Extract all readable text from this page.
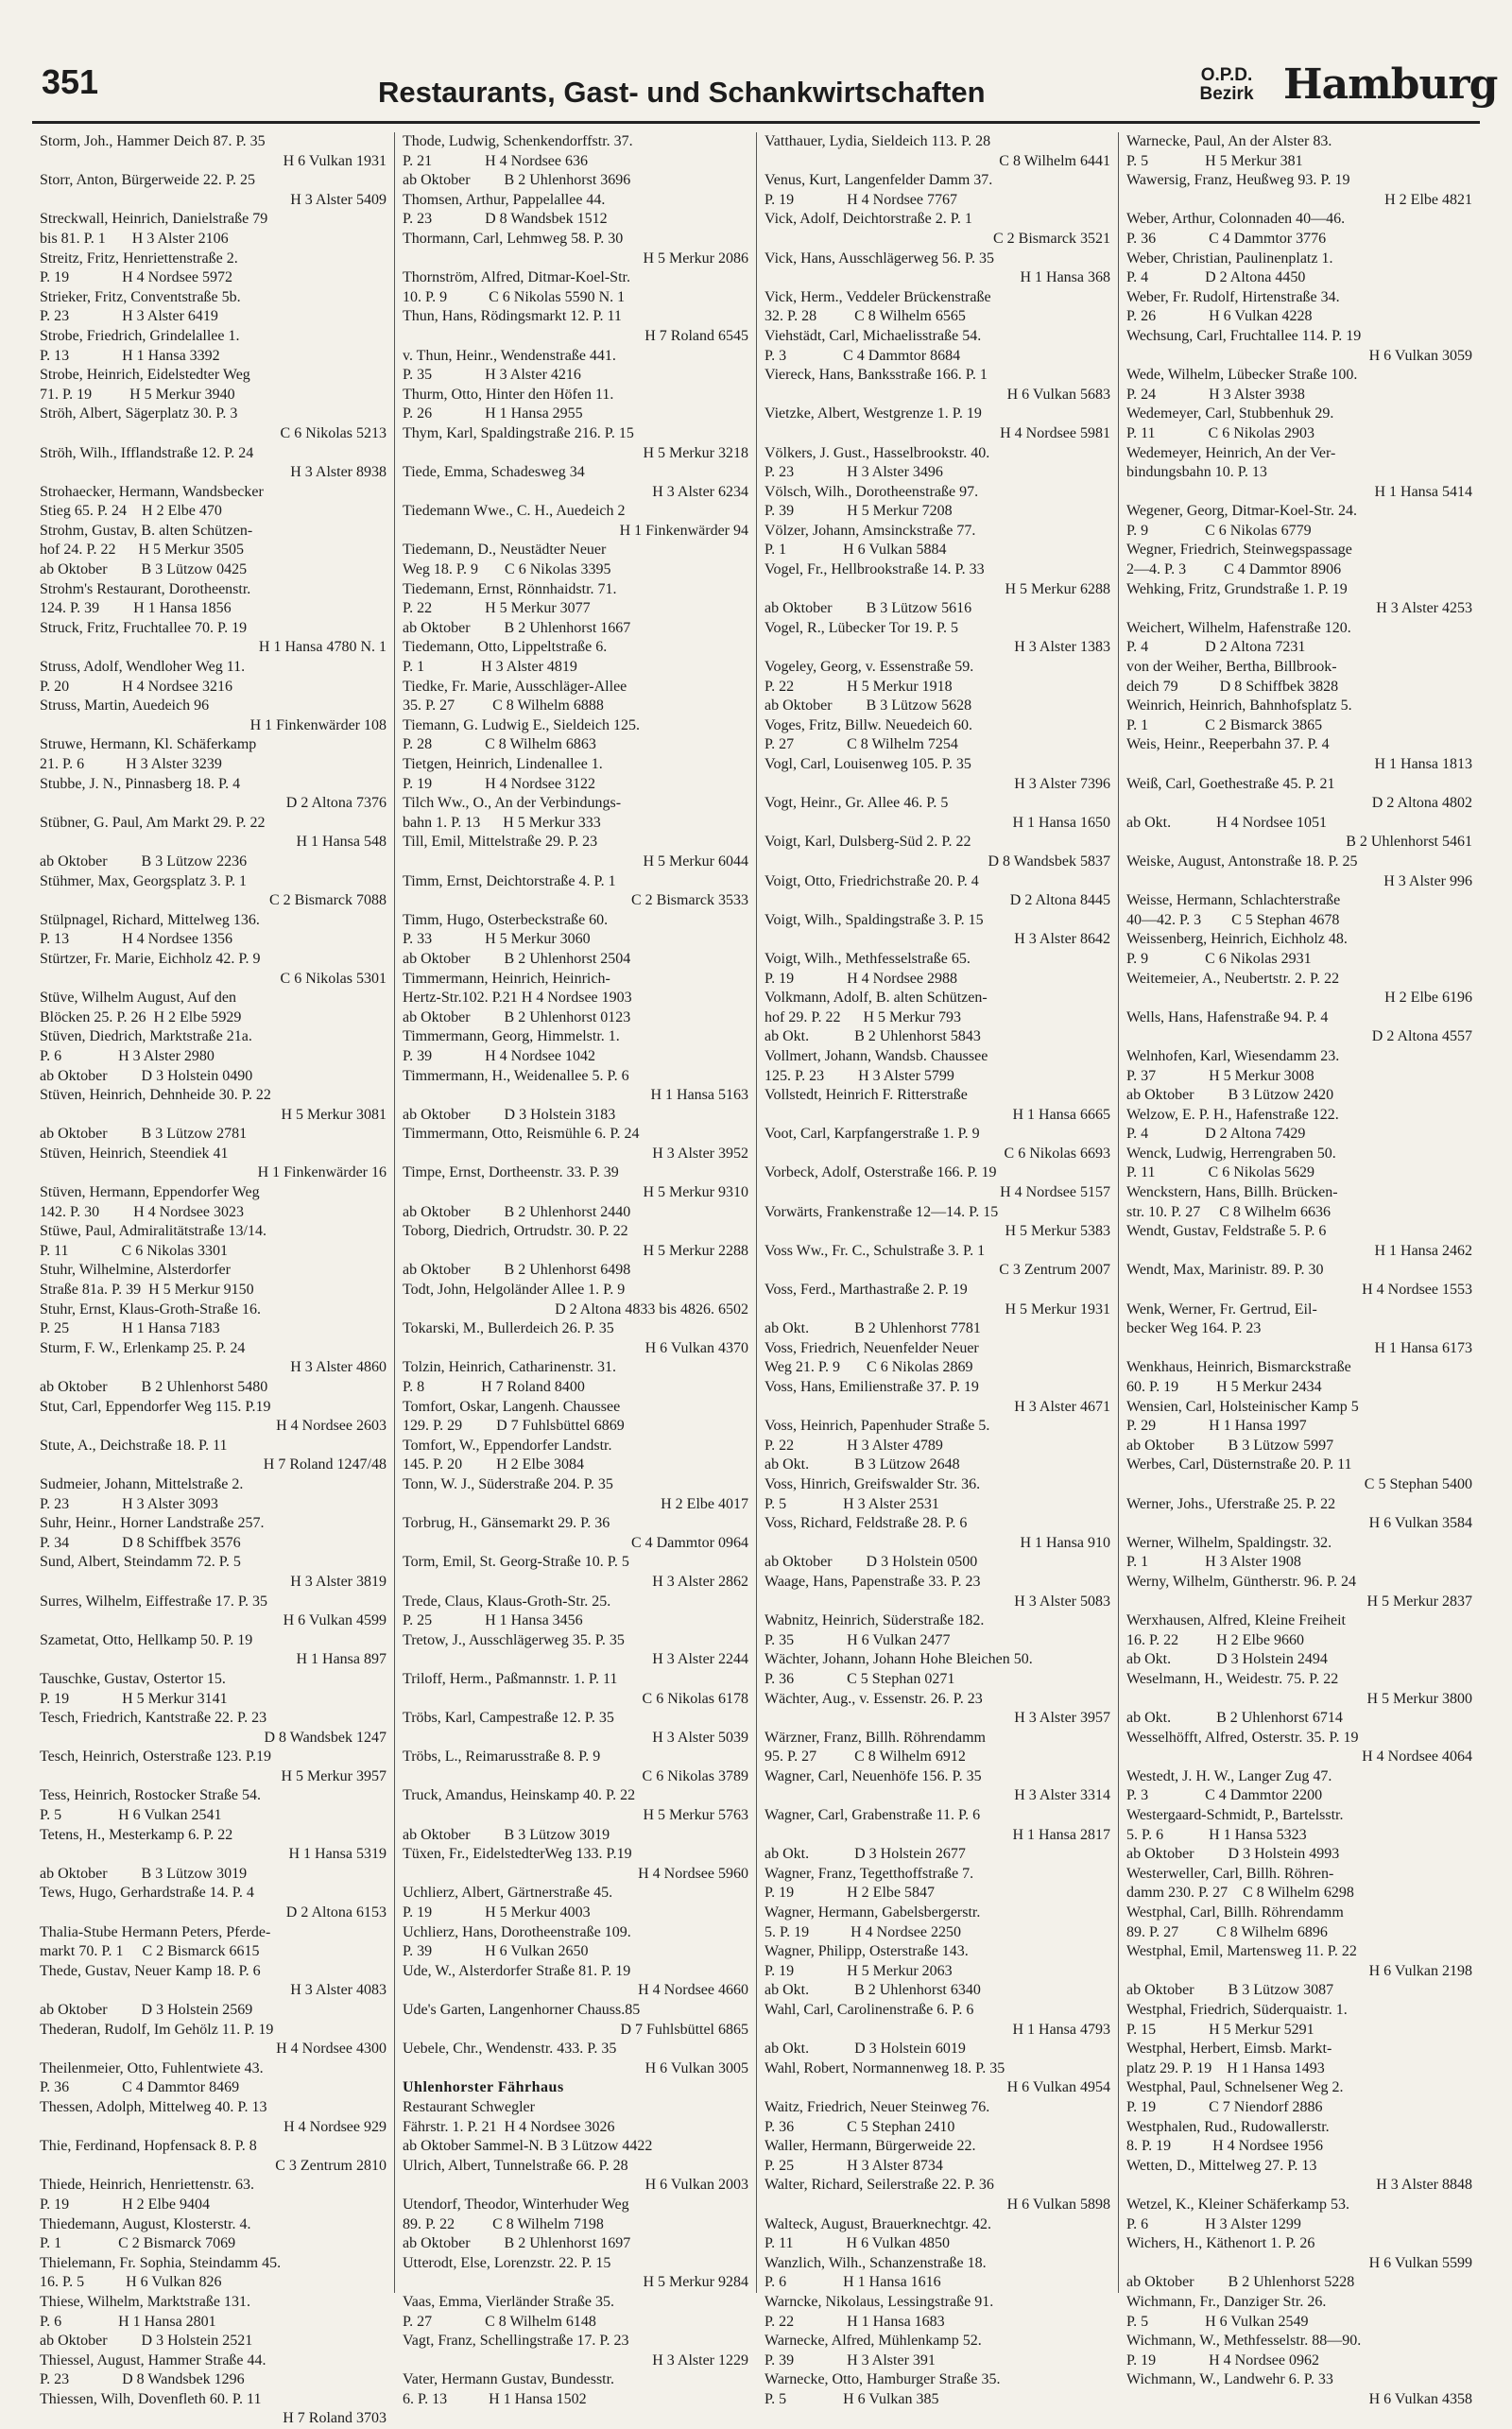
351	Restaurants, Gast- und Schankwirtschaften
O.P.D.
Bezirk Hamburg
Storm, Joh., Hammer Deich 87. P. 35
H 6 Vulkan 1931
Storr, Anton, Bürgerweide 22. P. 25
H 3 Alster 5409
Streckwall, Heinrich, Danielstraße 79
bis 81. P. 1       H 3 Alster 2106
Streitz, Fritz, Henriettenstraße 2.
P. 19              H 4 Nordsee 5972
Strieker, Fritz, Conventstraße 5b.
P. 23              H 3 Alster 6419
Strobe, Friedrich, Grindelallee 1.
P. 13              H 1 Hansa 3392
Strobe, Heinrich, Eidelstedter Weg
71. P. 19          H 5 Merkur 3940
Ströh, Albert, Sägerplatz 30. P. 3
C 6 Nikolas 5213
Ströh, Wilh., Ifflandstraße 12. P. 24
H 3 Alster 8938
Strohaecker, Hermann, Wandsbecker
Stieg 65. P. 24    H 2 Elbe 470
Strohm, Gustav, B. alten Schützen-
hof 24. P. 22      H 5 Merkur 3505
ab Oktober         B 3 Lützow 0425
Strohm's Restaurant, Dorotheenstr.
124. P. 39         H 1 Hansa 1856
Struck, Fritz, Fruchtallee 70. P. 19
H 1 Hansa 4780 N. 1
Struss, Adolf, Wendloher Weg 11.
P. 20              H 4 Nordsee 3216
Struss, Martin, Auedeich 96
H 1 Finkenwärder 108
Struwe, Hermann, Kl. Schäferkamp
21. P. 6           H 3 Alster 3239
Stubbe, J. N., Pinnasberg 18. P. 4
D 2 Altona 7376
Stübner, G. Paul, Am Markt 29. P. 22
H 1 Hansa 548
ab Oktober         B 3 Lützow 2236
Stühmer, Max, Georgsplatz 3. P. 1
C 2 Bismarck 7088
Stülpnagel, Richard, Mittelweg 136.
P. 13              H 4 Nordsee 1356
Stürtzer, Fr. Marie, Eichholz 42. P. 9
C 6 Nikolas 5301
Stüve, Wilhelm August, Auf den
Blöcken 25. P. 26  H 2 Elbe 5929
Stüven, Diedrich, Marktstraße 21a.
P. 6               H 3 Alster 2980
ab Oktober         D 3 Holstein 0490
Stüven, Heinrich, Dehnheide 30. P. 22
H 5 Merkur 3081
ab Oktober         B 3 Lützow 2781
Stüven, Heinrich, Steendiek 41
H 1 Finkenwärder 16
Stüven, Hermann, Eppendorfer Weg
142. P. 30         H 4 Nordsee 3023
Stüwe, Paul, Admiralitätstraße 13/14.
P. 11              C 6 Nikolas 3301
Stuhr, Wilhelmine, Alsterdorfer
Straße 81a. P. 39  H 5 Merkur 9150
Stuhr, Ernst, Klaus-Groth-Straße 16.
P. 25              H 1 Hansa 7183
Sturm, F. W., Erlenkamp 25. P. 24
H 3 Alster 4860
ab Oktober         B 2 Uhlenhorst 5480
Stut, Carl, Eppendorfer Weg 115. P.19
H 4 Nordsee 2603
Stute, A., Deichstraße 18. P. 11
H 7 Roland 1247/48
Sudmeier, Johann, Mittelstraße 2.
P. 23              H 3 Alster 3093
Suhr, Heinr., Horner Landstraße 257.
P. 34              D 8 Schiffbek 3576
Sund, Albert, Steindamm 72. P. 5
H 3 Alster 3819
Surres, Wilhelm, Eiffestraße 17. P. 35
H 6 Vulkan 4599
Szametat, Otto, Hellkamp 50. P. 19
H 1 Hansa 897
Tauschke, Gustav, Ostertor 15.
P. 19              H 5 Merkur 3141
Tesch, Friedrich, Kantstraße 22. P. 23
D 8 Wandsbek 1247
Tesch, Heinrich, Osterstraße 123. P.19
H 5 Merkur 3957
Tess, Heinrich, Rostocker Straße 54.
P. 5               H 6 Vulkan 2541
Tetens, H., Mesterkamp 6. P. 22
H 1 Hansa 5319
ab Oktober         B 3 Lützow 3019
Tews, Hugo, Gerhardstraße 14. P. 4
D 2 Altona 6153
Thalia-Stube Hermann Peters, Pferde-
markt 70. P. 1     C 2 Bismarck 6615
Thede, Gustav, Neuer Kamp 18. P. 6
H 3 Alster 4083
ab Oktober         D 3 Holstein 2569
Thederan, Rudolf, Im Gehölz 11. P. 19
H 4 Nordsee 4300
Theilenmeier, Otto, Fuhlentwiete 43.
P. 36              C 4 Dammtor 8469
Thessen, Adolph, Mittelweg 40. P. 13
H 4 Nordsee 929
Thie, Ferdinand, Hopfensack 8. P. 8
C 3 Zentrum 2810
Thiede, Heinrich, Henriettenstr. 63.
P. 19              H 2 Elbe 9404
Thiedemann, August, Klosterstr. 4.
P. 1               C 2 Bismarck 7069
Thielemann, Fr. Sophia, Steindamm 45.
16. P. 5           H 6 Vulkan 826
Thiese, Wilhelm, Marktstraße 131.
P. 6               H 1 Hansa 2801
ab Oktober         D 3 Holstein 2521
Thiessel, August, Hammer Straße 44.
P. 23              D 8 Wandsbek 1296
Thiessen, Wilh, Dovenfleth 60. P. 11
H 7 Roland 3703
Thode, Ludwig, Schenkendorffstr. 37.
P. 21              H 4 Nordsee 636
ab Oktober         B 2 Uhlenhorst 3696
Thomsen, Arthur, Pappelallee 44.
P. 23              D 8 Wandsbek 1512
Thormann, Carl, Lehmweg 58. P. 30
H 5 Merkur 2086
Thornström, Alfred, Ditmar-Koel-Str.
10. P. 9           C 6 Nikolas 5590 N. 1
Thun, Hans, Rödingsmarkt 12. P. 11
H 7 Roland 6545
v. Thun, Heinr., Wendenstraße 441.
P. 35              H 3 Alster 4216
Thurm, Otto, Hinter den Höfen 11.
P. 26              H 1 Hansa 2955
Thym, Karl, Spaldingstraße 216. P. 15
H 5 Merkur 3218
Tiede, Emma, Schadesweg 34
H 3 Alster 6234
Tiedemann Wwe., C. H., Auedeich 2
H 1 Finkenwärder 94
Tiedemann, D., Neustädter Neuer
Weg 18. P. 9       C 6 Nikolas 3395
Tiedemann, Ernst, Rönnhaidstr. 71.
P. 22              H 5 Merkur 3077
ab Oktober         B 2 Uhlenhorst 1667
Tiedemann, Otto, Lippeltstraße 6.
P. 1               H 3 Alster 4819
Tiedke, Fr. Marie, Ausschläger-Allee
35. P. 27          C 8 Wilhelm 6888
Tiemann, G. Ludwig E., Sieldeich 125.
P. 28              C 8 Wilhelm 6863
Tietgen, Heinrich, Lindenallee 1.
P. 19              H 4 Nordsee 3122
Tilch Ww., O., An der Verbindungs-
bahn 1. P. 13      H 5 Merkur 333
Till, Emil, Mittelstraße 29. P. 23
H 5 Merkur 6044
Timm, Ernst, Deichtorstraße 4. P. 1
C 2 Bismarck 3533
Timm, Hugo, Osterbeckstraße 60.
P. 33              H 5 Merkur 3060
ab Oktober         B 2 Uhlenhorst 2504
Timmermann, Heinrich, Heinrich-
Hertz-Str.102. P.21 H 4 Nordsee 1903
ab Oktober         B 2 Uhlenhorst 0123
Timmermann, Georg, Himmelstr. 1.
P. 39              H 4 Nordsee 1042
Timmermann, H., Weidenallee 5. P. 6
H 1 Hansa 5163
ab Oktober         D 3 Holstein 3183
Timmermann, Otto, Reismühle 6. P. 24
H 3 Alster 3952
Timpe, Ernst, Dortheenstr. 33. P. 39
H 5 Merkur 9310
ab Oktober         B 2 Uhlenhorst 2440
Toborg, Diedrich, Ortrudstr. 30. P. 22
H 5 Merkur 2288
ab Oktober         B 2 Uhlenhorst 6498
Todt, John, Helgoländer Allee 1. P. 9
D 2 Altona 4833 bis 4826. 6502
Tokarski, M., Bullerdeich 26. P. 35
H 6 Vulkan 4370
Tolzin, Heinrich, Catharinenstr. 31.
P. 8               H 7 Roland 8400
Tomfort, Oskar, Langenh. Chaussee
129. P. 29         D 7 Fuhlsbüttel 6869
Tomfort, W., Eppendorfer Landstr.
145. P. 20         H 2 Elbe 3084
Tonn, W. J., Süderstraße 204. P. 35
H 2 Elbe 4017
Torbrug, H., Gänsemarkt 29. P. 36
C 4 Dammtor 0964
Torm, Emil, St. Georg-Straße 10. P. 5
H 3 Alster 2862
Trede, Claus, Klaus-Groth-Str. 25.
P. 25              H 1 Hansa 3456
Tretow, J., Ausschlägerweg 35. P. 35
H 3 Alster 2244
Triloff, Herm., Paßmannstr. 1. P. 11
C 6 Nikolas 6178
Tröbs, Karl, Campestraße 12. P. 35
H 3 Alster 5039
Tröbs, L., Reimarusstraße 8. P. 9
C 6 Nikolas 3789
Truck, Amandus, Heinskamp 40. P. 22
H 5 Merkur 5763
ab Oktober         B 3 Lützow 3019
Tüxen, Fr., EidelstedterWeg 133. P.19
H 4 Nordsee 5960
Uchlierz, Albert, Gärtnerstraße 45.
P. 19              H 5 Merkur 4003
Uchlierz, Hans, Dorotheenstraße 109.
P. 39              H 6 Vulkan 2650
Ude, W., Alsterdorfer Straße 81. P. 19
H 4 Nordsee 4660
Ude's Garten, Langenhorner Chauss.85
D 7 Fuhlsbüttel 6865
Uebele, Chr., Wendenstr. 433. P. 35
H 6 Vulkan 3005
Uhlenhorster Fährhaus
Restaurant Schwegler
Fährstr. 1. P. 21  H 4 Nordsee 3026
ab Oktober Sammel-N. B 3 Lützow 4422
Ulrich, Albert, Tunnelstraße 66. P. 28
H 6 Vulkan 2003
Utendorf, Theodor, Winterhuder Weg
89. P. 22          C 8 Wilhelm 7198
ab Oktober         B 2 Uhlenhorst 1697
Utterodt, Else, Lorenzstr. 22. P. 15
H 5 Merkur 9284
Vaas, Emma, Vierländer Straße 35.
P. 27              C 8 Wilhelm 6148
Vagt, Franz, Schellingstraße 17. P. 23
H 3 Alster 1229
Vater, Hermann Gustav, Bundesstr.
6. P. 13           H 1 Hansa 1502
Vatthauer, Lydia, Sieldeich 113. P. 28
C 8 Wilhelm 6441
Venus, Kurt, Langenfelder Damm 37.
P. 19              H 4 Nordsee 7767
Vick, Adolf, Deichtorstraße 2. P. 1
C 2 Bismarck 3521
Vick, Hans, Ausschlägerweg 56. P. 35
H 1 Hansa 368
Vick, Herm., Veddeler Brückenstraße
32. P. 28          C 8 Wilhelm 6565
Viehstädt, Carl, Michaelisstraße 54.
P. 3               C 4 Dammtor 8684
Viereck, Hans, Banksstraße 166. P. 1
H 6 Vulkan 5683
Vietzke, Albert, Westgrenze 1. P. 19
H 4 Nordsee 5981
Völkers, J. Gust., Hasselbrookstr. 40.
P. 23              H 3 Alster 3496
Völsch, Wilh., Dorotheenstraße 97.
P. 39              H 5 Merkur 7208
Völzer, Johann, Amsinckstraße 77.
P. 1               H 6 Vulkan 5884
Vogel, Fr., Hellbrookstraße 14. P. 33
H 5 Merkur 6288
ab Oktober         B 3 Lützow 5616
Vogel, R., Lübecker Tor 19. P. 5
H 3 Alster 1383
Vogeley, Georg, v. Essenstraße 59.
P. 22              H 5 Merkur 1918
ab Oktober         B 3 Lützow 5628
Voges, Fritz, Billw. Neuedeich 60.
P. 27              C 8 Wilhelm 7254
Vogl, Carl, Louisenweg 105. P. 35
H 3 Alster 7396
Vogt, Heinr., Gr. Allee 46. P. 5
H 1 Hansa 1650
Voigt, Karl, Dulsberg-Süd 2. P. 22
D 8 Wandsbek 5837
Voigt, Otto, Friedrichstraße 20. P. 4
D 2 Altona 8445
Voigt, Wilh., Spaldingstraße 3. P. 15
H 3 Alster 8642
Voigt, Wilh., Methfesselstraße 65.
P. 19              H 4 Nordsee 2988
Volkmann, Adolf, B. alten Schützen-
hof 29. P. 22      H 5 Merkur 793
ab Okt.            B 2 Uhlenhorst 5843
Vollmert, Johann, Wandsb. Chaussee
125. P. 23         H 3 Alster 5799
Vollstedt, Heinrich F. Ritterstraße
H 1 Hansa 6665
Voot, Carl, Karpfangerstraße 1. P. 9
C 6 Nikolas 6693
Vorbeck, Adolf, Osterstraße 166. P. 19
H 4 Nordsee 5157
Vorwärts, Frankenstraße 12—14. P. 15
H 5 Merkur 5383
Voss Ww., Fr. C., Schulstraße 3. P. 1
C 3 Zentrum 2007
Voss, Ferd., Marthastraße 2. P. 19
H 5 Merkur 1931
ab Okt.            B 2 Uhlenhorst 7781
Voss, Friedrich, Neuenfelder Neuer
Weg 21. P. 9       C 6 Nikolas 2869
Voss, Hans, Emilienstraße 37. P. 19
H 3 Alster 4671
Voss, Heinrich, Papenhuder Straße 5.
P. 22              H 3 Alster 4789
ab Okt.            B 3 Lützow 2648
Voss, Hinrich, Greifswalder Str. 36.
P. 5               H 3 Alster 2531
Voss, Richard, Feldstraße 28. P. 6
H 1 Hansa 910
ab Oktober         D 3 Holstein 0500
Waage, Hans, Papenstraße 33. P. 23
H 3 Alster 5083
Wabnitz, Heinrich, Süderstraße 182.
P. 35              H 6 Vulkan 2477
Wächter, Johann, Johann Hohe Bleichen 50.
P. 36              C 5 Stephan 0271
Wächter, Aug., v. Essenstr. 26. P. 23
H 3 Alster 3957
Wärzner, Franz, Billh. Röhrendamm
95. P. 27          C 8 Wilhelm 6912
Wagner, Carl, Neuenhöfe 156. P. 35
H 3 Alster 3314
Wagner, Carl, Grabenstraße 11. P. 6
H 1 Hansa 2817
ab Okt.            D 3 Holstein 2677
Wagner, Franz, Tegetthoffstraße 7.
P. 19              H 2 Elbe 5847
Wagner, Hermann, Gabelsbergerstr.
5. P. 19           H 4 Nordsee 2250
Wagner, Philipp, Osterstraße 143.
P. 19              H 5 Merkur 2063
ab Okt.            B 2 Uhlenhorst 6340
Wahl, Carl, Carolinenstraße 6. P. 6
H 1 Hansa 4793
ab Okt.            D 3 Holstein 6019
Wahl, Robert, Normannenweg 18. P. 35
H 6 Vulkan 4954
Waitz, Friedrich, Neuer Steinweg 76.
P. 36              C 5 Stephan 2410
Waller, Hermann, Bürgerweide 22.
P. 25              H 3 Alster 8734
Walter, Richard, Seilerstraße 22. P. 36
H 6 Vulkan 5898
Walteck, August, Brauerknechtgr. 42.
P. 11              H 6 Vulkan 4850
Wanzlich, Wilh., Schanzenstraße 18.
P. 6               H 1 Hansa 1616
Warncke, Nikolaus, Lessingstraße 91.
P. 22              H 1 Hansa 1683
Warnecke, Alfred, Mühlenkamp 52.
P. 39              H 3 Alster 391
Warnecke, Otto, Hamburger Straße 35.
P. 5               H 6 Vulkan 385
Warnecke, Paul, An der Alster 83.
P. 5               H 5 Merkur 381
Wawersig, Franz, Heußweg 93. P. 19
H 2 Elbe 4821
Weber, Arthur, Colonnaden 40—46.
P. 36              C 4 Dammtor 3776
Weber, Christian, Paulinenplatz 1.
P. 4               D 2 Altona 4450
Weber, Fr. Rudolf, Hirtenstraße 34.
P. 26              H 6 Vulkan 4228
Wechsung, Carl, Fruchtallee 114. P. 19
H 6 Vulkan 3059
Wede, Wilhelm, Lübecker Straße 100.
P. 24              H 3 Alster 3938
Wedemeyer, Carl, Stubbenhuk 29.
P. 11              C 6 Nikolas 2903
Wedemeyer, Heinrich, An der Ver-
bindungsbahn 10. P. 13
H 1 Hansa 5414
Wegener, Georg, Ditmar-Koel-Str. 24.
P. 9               C 6 Nikolas 6779
Wegner, Friedrich, Steinwegspassage
2—4. P. 3          C 4 Dammtor 8906
Wehking, Fritz, Grundstraße 1. P. 19
H 3 Alster 4253
Weichert, Wilhelm, Hafenstraße 120.
P. 4               D 2 Altona 7231
von der Weiher, Bertha, Billbrook-
deich 79           D 8 Schiffbek 3828
Weinrich, Heinrich, Bahnhofsplatz 5.
P. 1               C 2 Bismarck 3865
Weis, Heinr., Reeperbahn 37. P. 4
H 1 Hansa 1813
Weiß, Carl, Goethestraße 45. P. 21
D 2 Altona 4802
ab Okt.            H 4 Nordsee 1051
B 2 Uhlenhorst 5461
Weiske, August, Antonstraße 18. P. 25
H 3 Alster 996
Weisse, Hermann, Schlachterstraße
40—42. P. 3        C 5 Stephan 4678
Weissenberg, Heinrich, Eichholz 48.
P. 9               C 6 Nikolas 2931
Weitemeier, A., Neubertstr. 2. P. 22
H 2 Elbe 6196
Wells, Hans, Hafenstraße 94. P. 4
D 2 Altona 4557
Welnhofen, Karl, Wiesendamm 23.
P. 37              H 5 Merkur 3008
ab Oktober         B 3 Lützow 2420
Welzow, E. P. H., Hafenstraße 122.
P. 4               D 2 Altona 7429
Wenck, Ludwig, Herrengraben 50.
P. 11              C 6 Nikolas 5629
Wenckstern, Hans, Billh. Brücken-
str. 10. P. 27     C 8 Wilhelm 6636
Wendt, Gustav, Feldstraße 5. P. 6
H 1 Hansa 2462
Wendt, Max, Marinistr. 89. P. 30
H 4 Nordsee 1553
Wenk, Werner, Fr. Gertrud, Eil-
becker Weg 164. P. 23
H 1 Hansa 6173
Wenkhaus, Heinrich, Bismarckstraße
60. P. 19          H 5 Merkur 2434
Wensien, Carl, Holsteinischer Kamp 5
P. 29              H 1 Hansa 1997
ab Oktober         B 3 Lützow 5997
Werbes, Carl, Düsternstraße 20. P. 11
C 5 Stephan 5400
Werner, Johs., Uferstraße 25. P. 22
H 6 Vulkan 3584
Werner, Wilhelm, Spaldingstr. 32.
P. 1               H 3 Alster 1908
Werny, Wilhelm, Güntherstr. 96. P. 24
H 5 Merkur 2837
Werxhausen, Alfred, Kleine Freiheit
16. P. 22          H 2 Elbe 9660
ab Okt.            D 3 Holstein 2494
Weselmann, H., Weidestr. 75. P. 22
H 5 Merkur 3800
ab Okt.            B 2 Uhlenhorst 6714
Wesselhöfft, Alfred, Osterstr. 35. P. 19
H 4 Nordsee 4064
Westedt, J. H. W., Langer Zug 47.
P. 3               C 4 Dammtor 2200
Westergaard-Schmidt, P., Bartelsstr.
5. P. 6            H 1 Hansa 5323
ab Oktober         D 3 Holstein 4993
Westerweller, Carl, Billh. Röhren-
damm 230. P. 27    C 8 Wilhelm 6298
Westphal, Carl, Billh. Röhrendamm
89. P. 27          C 8 Wilhelm 6896
Westphal, Emil, Martensweg 11. P. 22
H 6 Vulkan 2198
ab Oktober         B 3 Lützow 3087
Westphal, Friedrich, Süderquaistr. 1.
P. 15              H 5 Merkur 5291
Westphal, Herbert, Eimsb. Markt-
platz 29. P. 19    H 1 Hansa 1493
Westphal, Paul, Schnelsener Weg 2.
P. 19              C 7 Niendorf 2886
Westphalen, Rud., Rudowallerstr.
8. P. 19           H 4 Nordsee 1956
Wetten, D., Mittelweg 27. P. 13
H 3 Alster 8848
Wetzel, K., Kleiner Schäferkamp 53.
P. 6               H 3 Alster 1299
Wichers, H., Käthenort 1. P. 26
H 6 Vulkan 5599
ab Oktober         B 2 Uhlenhorst 5228
Wichmann, Fr., Danziger Str. 26.
P. 5               H 6 Vulkan 2549
Wichmann, W., Methfesselstr. 88—90.
P. 19              H 4 Nordsee 0962
Wichmann, W., Landwehr 6. P. 33
H 6 Vulkan 4358
